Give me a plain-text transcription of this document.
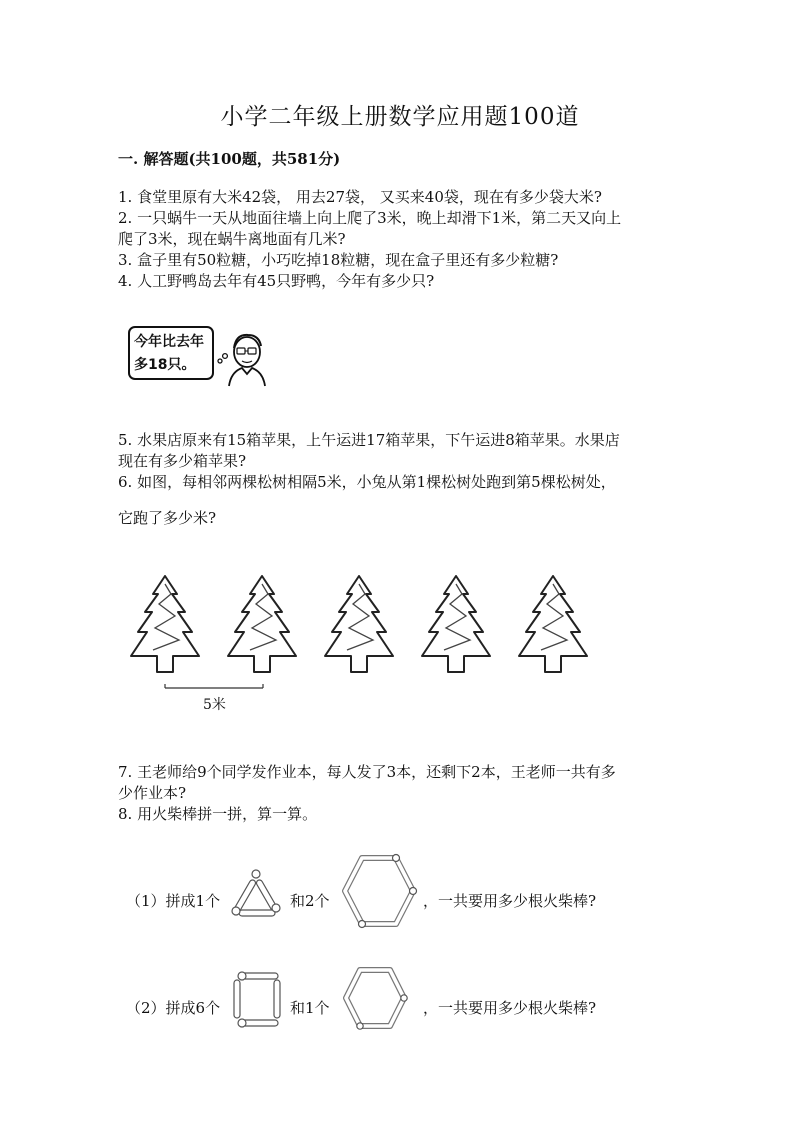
小学二年级上册数学应用题100道
一. 解答题(共100题，共581分)
1. 食堂里原有大米42袋， 用去27袋， 又买来40袋，现在有多少袋大米?
2. 一只蜗牛一天从地面往墙上向上爬了3米，晚上却滑下1米，第二天又向上
爬了3米，现在蜗牛离地面有几米?
3. 盒子里有50粒糖，小巧吃掉18粒糖，现在盒子里还有多少粒糖?
4. 人工野鸭岛去年有45只野鸭，今年有多少只?
今年比去年
多18只。
5. 水果店原来有15箱苹果，上午运进17箱苹果，下午运进8箱苹果。水果店
现在有多少箱苹果?
6. 如图，每相邻两棵松树相隔5米，小兔从第1棵松树处跑到第5棵松树处，
它跑了多少米?
5米
7. 王老师给9个同学发作业本，每人发了3本，还剩下2本，王老师一共有多
少作业本?
8. 用火柴棒拼一拼，算一算。
（1）拼成1个	和2个	，一共要用多少根火柴棒?
（2）拼成6个	和1个	，一共要用多少根火柴棒?
